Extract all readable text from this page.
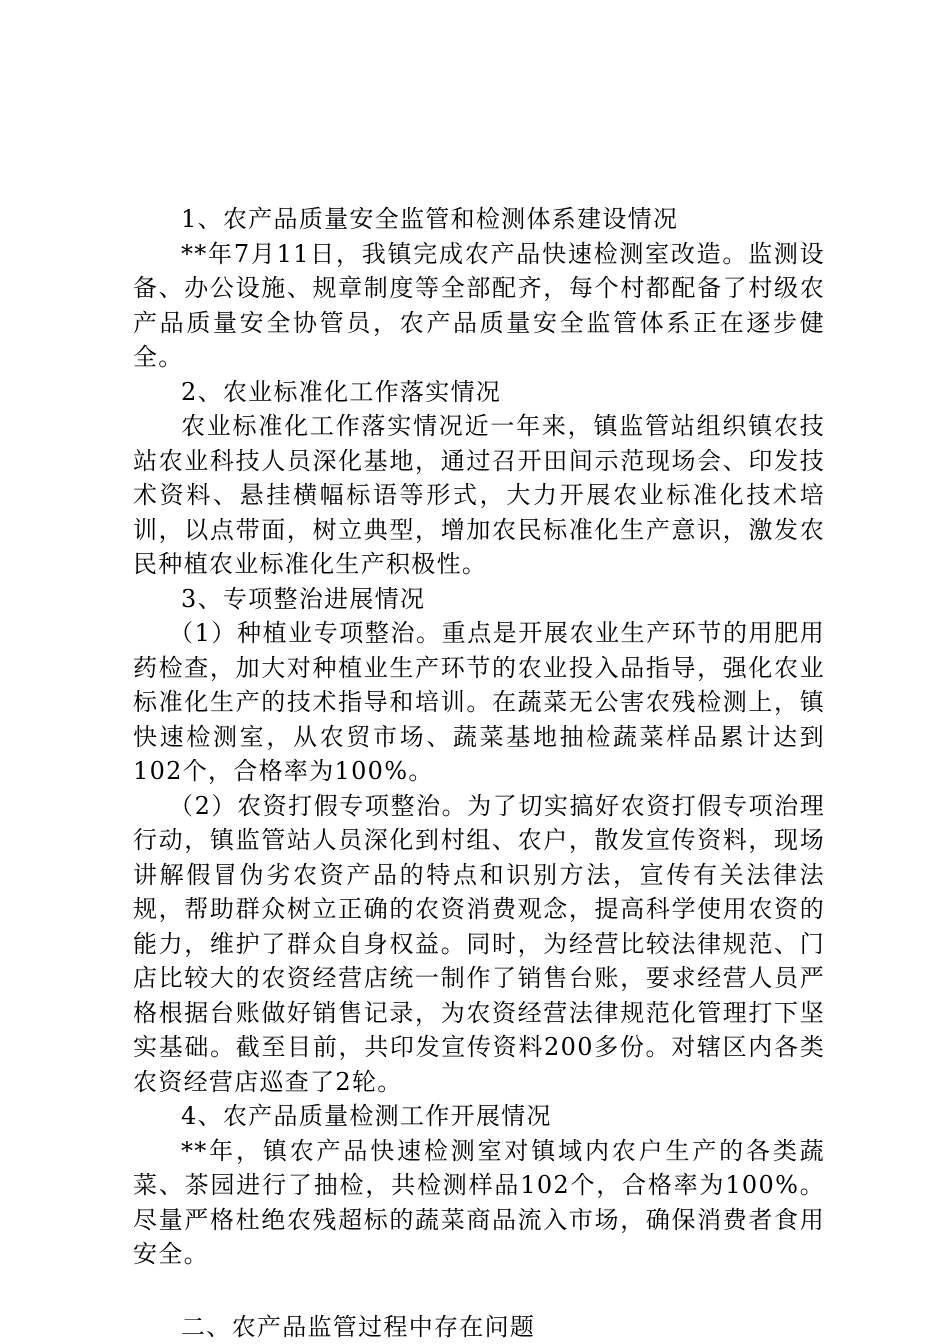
1、农产品质量安全监管和检测体系建设情况

**年7月11日，我镇完成农产品快速检测室改造。监测设备、办公设施、规章制度等全部配齐，每个村都配备了村级农产品质量安全协管员，农产品质量安全监管体系正在逐步健全。

2、农业标准化工作落实情况

农业标准化工作落实情况近一年来，镇监管站组织镇农技站农业科技人员深化基地，通过召开田间示范现场会、印发技术资料、悬挂横幅标语等形式，大力开展农业标准化技术培训，以点带面，树立典型，增加农民标准化生产意识，激发农民种植农业标准化生产积极性。

3、专项整治进展情况

（1）种植业专项整治。重点是开展农业生产环节的用肥用药检查，加大对种植业生产环节的农业投入品指导，强化农业标准化生产的技术指导和培训。在蔬菜无公害农残检测上，镇快速检测室，从农贸市场、蔬菜基地抽检蔬菜样品累计达到102个，合格率为100%。

（2）农资打假专项整治。为了切实搞好农资打假专项治理行动，镇监管站人员深化到村组、农户，散发宣传资料，现场讲解假冒伪劣农资产品的特点和识别方法，宣传有关法律法规，帮助群众树立正确的农资消费观念，提高科学使用农资的能力，维护了群众自身权益。同时，为经营比较法律规范、门店比较大的农资经营店统一制作了销售台账，要求经营人员严格根据台账做好销售记录，为农资经营法律规范化管理打下坚实基础。截至目前，共印发宣传资料200多份。对辖区内各类农资经营店巡查了2轮。

4、农产品质量检测工作开展情况

**年，镇农产品快速检测室对镇域内农户生产的各类蔬菜、茶园进行了抽检，共检测样品102个，合格率为100%。尽量严格杜绝农残超标的蔬菜商品流入市场，确保消费者食用安全。

二、农产品监管过程中存在问题
